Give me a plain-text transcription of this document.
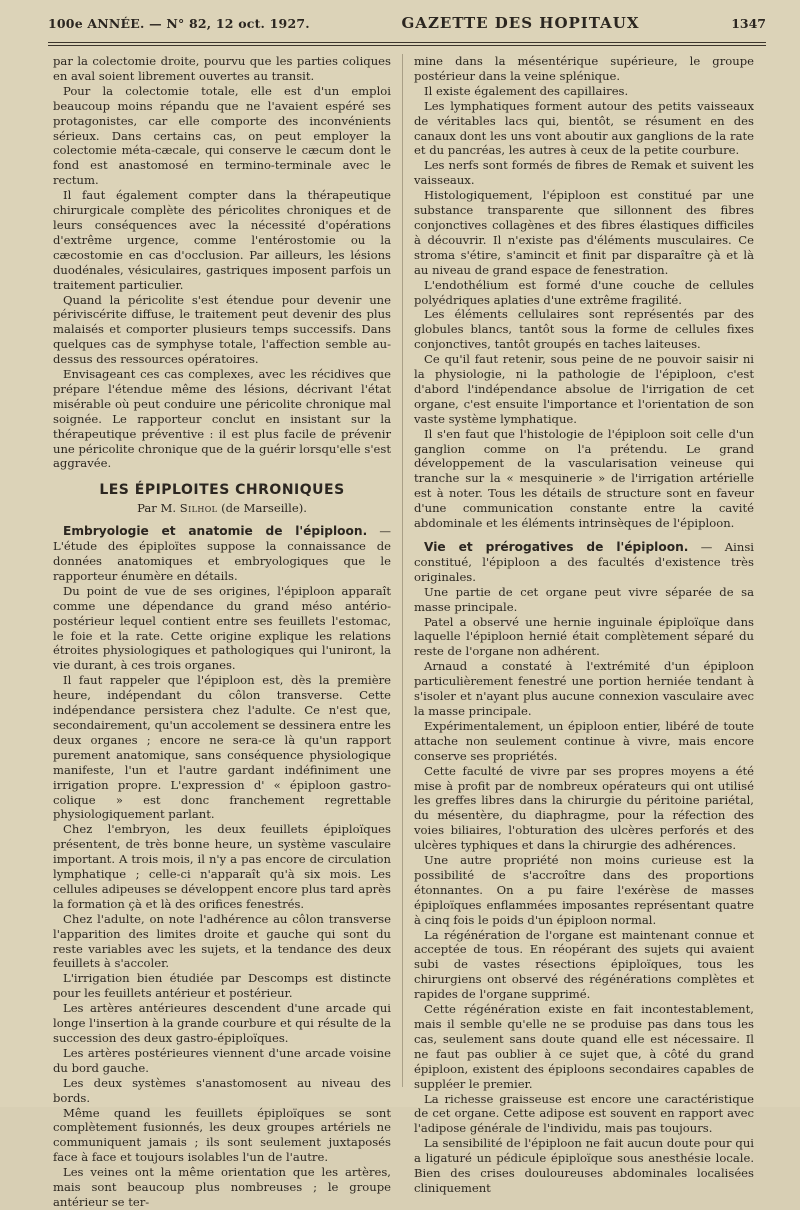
100e ANNÉE. — N° 82, 12 oct. 1927.	GAZETTE DES HOPITAUX	1347

par la colectomie droite, pourvu que les parties coliques en aval soient librement ouvertes au transit.

Pour la colectomie totale, elle est d'un emploi beaucoup moins répandu que ne l'avaient espéré ses protagonistes, car elle comporte des inconvénients sérieux. Dans certains cas, on peut employer la colectomie méta-cæcale, qui conserve le cæcum dont le fond est anastomosé en termino-terminale avec le rectum.

Il faut également compter dans la thérapeutique chirurgicale complète des péricolites chroniques et de leurs conséquences avec la nécessité d'opérations d'extrême urgence, comme l'entérostomie ou la cæcostomie en cas d'occlusion. Par ailleurs, les lésions duodénales, vésiculaires, gastriques imposent parfois un traitement particulier.

Quand la péricolite s'est étendue pour devenir une périviscérite diffuse, le traitement peut devenir des plus malaisés et comporter plusieurs temps successifs. Dans quelques cas de symphyse totale, l'affection semble au-dessus des ressources opératoires.

Envisageant ces cas complexes, avec les récidives que prépare l'étendue même des lésions, décrivant l'état misérable où peut conduire une péricolite chronique mal soignée. Le rapporteur conclut en insistant sur la thérapeutique préventive : il est plus facile de prévenir une péricolite chronique que de la guérir lorsqu'elle s'est aggravée.

LES ÉPIPLOITES CHRONIQUES
Par M. Silhol (de Marseille).

Embryologie et anatomie de l'épiploon. — L'étude des épiploïtes suppose la connaissance de données anatomiques et embryologiques que le rapporteur énumère en détails.

Du point de vue de ses origines, l'épiploon apparaît comme une dépendance du grand méso antério-postérieur lequel contient entre ses feuillets l'estomac, le foie et la rate. Cette origine explique les relations étroites physiologiques et pathologiques qui l'uniront, la vie durant, à ces trois organes.

Il faut rappeler que l'épiploon est, dès la première heure, indépendant du côlon transverse. Cette indépendance persistera chez l'adulte. Ce n'est que, secondairement, qu'un accolement se dessinera entre les deux organes ; encore ne sera-ce là qu'un rapport purement anatomique, sans conséquence physiologique manifeste, l'un et l'autre gardant indéfiniment une irrigation propre. L'expression d' « épiploon gastro-colique » est donc franchement regrettable physiologiquement parlant.

Chez l'embryon, les deux feuillets épiploïques présentent, de très bonne heure, un système vasculaire important. A trois mois, il n'y a pas encore de circulation lymphatique ; celle-ci n'apparaît qu'à six mois. Les cellules adipeuses se développent encore plus tard après la formation çà et là des orifices fenestrés.

Chez l'adulte, on note l'adhérence au côlon transverse l'apparition des limites droite et gauche qui sont du reste variables avec les sujets, et la tendance des deux feuillets à s'accoler.

L'irrigation bien étudiée par Descomps est distincte pour les feuillets antérieur et postérieur.

Les artères antérieures descendent d'une arcade qui longe l'insertion à la grande courbure et qui résulte de la succession des deux gastro-épiploïques.

Les artères postérieures viennent d'une arcade voisine du bord gauche.

Les deux systèmes s'anastomosent au niveau des bords.

Même quand les feuillets épiploïques se sont complètement fusionnés, les deux groupes artériels ne communiquent jamais ; ils sont seulement juxtaposés face à face et toujours isolables l'un de l'autre.

Les veines ont la même orientation que les artères, mais sont beaucoup plus nombreuses ; le groupe antérieur se ter-

mine dans la mésentérique supérieure, le groupe postérieur dans la veine splénique.

Il existe également des capillaires.

Les lymphatiques forment autour des petits vaisseaux de véritables lacs qui, bientôt, se résument en des canaux dont les uns vont aboutir aux ganglions de la rate et du pancréas, les autres à ceux de la petite courbure.

Les nerfs sont formés de fibres de Remak et suivent les vaisseaux.

Histologiquement, l'épiploon est constitué par une substance transparente que sillonnent des fibres conjonctives collagènes et des fibres élastiques difficiles à découvrir. Il n'existe pas d'éléments musculaires. Ce stroma s'étire, s'amincit et finit par disparaître çà et là au niveau de grand espace de fenestration.

L'endothélium est formé d'une couche de cellules polyédriques aplaties d'une extrême fragilité.

Les éléments cellulaires sont représentés par des globules blancs, tantôt sous la forme de cellules fixes conjonctives, tantôt groupés en taches laiteuses.

Ce qu'il faut retenir, sous peine de ne pouvoir saisir ni la physiologie, ni la pathologie de l'épiploon, c'est d'abord l'indépendance absolue de l'irrigation de cet organe, c'est ensuite l'importance et l'orientation de son vaste système lymphatique.

Il s'en faut que l'histologie de l'épiploon soit celle d'un ganglion comme on l'a prétendu. Le grand développement de la vascularisation veineuse qui tranche sur la « mesquinerie » de l'irrigation artérielle est à noter. Tous les détails de structure sont en faveur d'une communication constante entre la cavité abdominale et les éléments intrinsèques de l'épiploon.

Vie et prérogatives de l'épiploon. — Ainsi constitué, l'épiploon a des facultés d'existence très originales.

Une partie de cet organe peut vivre séparée de sa masse principale.

Patel a observé une hernie inguinale épiploïque dans laquelle l'épiploon hernié était complètement séparé du reste de l'organe non adhérent.

Arnaud a constaté à l'extrémité d'un épiploon particulièrement fenestré une portion herniée tendant à s'isoler et n'ayant plus aucune connexion vasculaire avec la masse principale.

Expérimentalement, un épiploon entier, libéré de toute attache non seulement continue à vivre, mais encore conserve ses propriétés.

Cette faculté de vivre par ses propres moyens a été mise à profit par de nombreux opérateurs qui ont utilisé les greffes libres dans la chirurgie du péritoine pariétal, du mésentère, du diaphragme, pour la réfection des voies biliaires, l'obturation des ulcères perforés et des ulcères typhiques et dans la chirurgie des adhérences.

Une autre propriété non moins curieuse est la possibilité de s'accroître dans des proportions étonnantes. On a pu faire l'exérèse de masses épiploïques enflammées imposantes représentant quatre à cinq fois le poids d'un épiploon normal.

La régénération de l'organe est maintenant connue et acceptée de tous. En réopérant des sujets qui avaient subi de vastes résections épiploïques, tous les chirurgiens ont observé des régénérations complètes et rapides de l'organe supprimé.

Cette régénération existe en fait incontestablement, mais il semble qu'elle ne se produise pas dans tous les cas, seulement sans doute quand elle est nécessaire. Il ne faut pas oublier à ce sujet que, à côté du grand épiploon, existent des épiploons secondaires capables de suppléer le premier.

La richesse graisseuse est encore une caractéristique de cet organe. Cette adipose est souvent en rapport avec l'adipose générale de l'individu, mais pas toujours.

La sensibilité de l'épiploon ne fait aucun doute pour qui a ligaturé un pédicule épiploïque sous anesthésie locale. Bien des crises douloureuses abdominales localisées cliniquement
